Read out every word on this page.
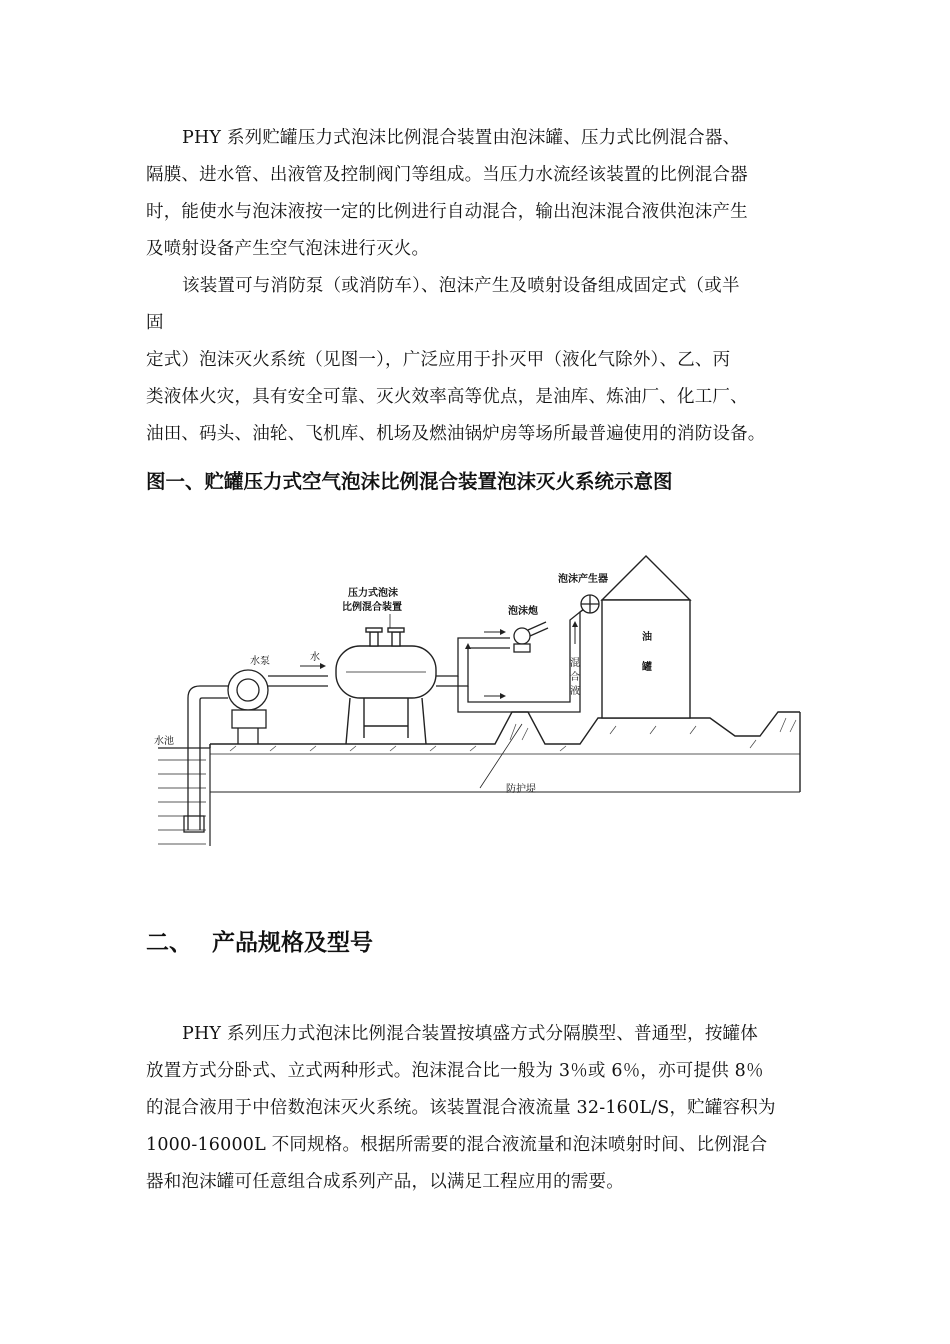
PHY 系列贮罐压力式泡沫比例混合装置由泡沫罐、压力式比例混合器、
隔膜、进水管、出液管及控制阀门等组成。当压力水流经该装置的比例混合器
时，能使水与泡沫液按一定的比例进行自动混合，输出泡沫混合液供泡沫产生
及喷射设备产生空气泡沫进行灭火。
该装置可与消防泵（或消防车）、泡沫产生及喷射设备组成固定式（或半
固
定式）泡沫灭火系统（见图一），广泛应用于扑灭甲（液化气除外）、乙、丙
类液体火灾，具有安全可靠、灭火效率高等优点，是油库、炼油厂、化工厂、
油田、码头、油轮、飞机库、机场及燃油锅炉房等场所最普遍使用的消防设备。
图一、贮罐压力式空气泡沫比例混合装置泡沫灭火系统示意图
水池
水泵	水
压力式泡沫
比例混合装置	泡沫炮
混
合
液
泡沫产生器
油
罐
防护堤
二、 产品规格及型号
PHY 系列压力式泡沫比例混合装置按填盛方式分隔膜型、普通型，按罐体
放置方式分卧式、立式两种形式。泡沫混合比一般为 3％或 6％，亦可提供 8％
的混合液用于中倍数泡沫灭火系统。该装置混合液流量 32-160L/S，贮罐容积为
1000-16000L 不同规格。根据所需要的混合液流量和泡沫喷射时间、比例混合
器和泡沫罐可任意组合成系列产品，以满足工程应用的需要。
